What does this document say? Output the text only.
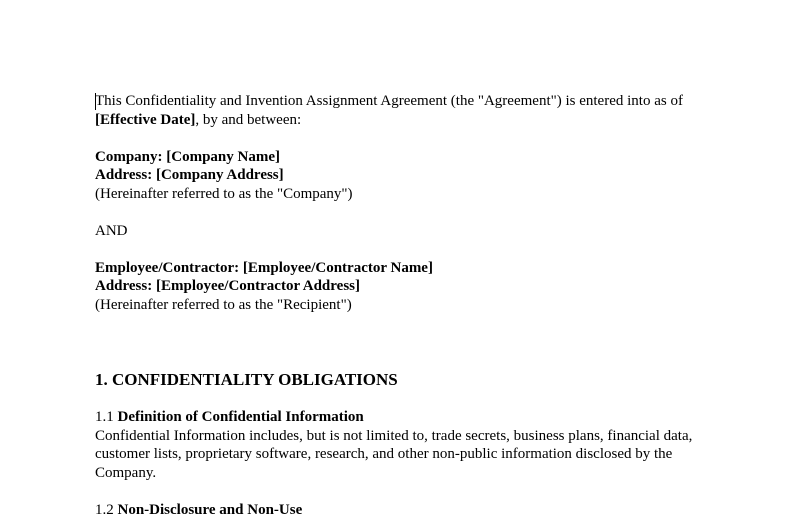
This Confidentiality and Invention Assignment Agreement (the "Agreement") is entered into as of [Effective Date], by and between:

Company: [Company Name]

Address: [Company Address]

(Hereinafter referred to as the "Company")

AND

Employee/Contractor: [Employee/Contractor Name]

Address: [Employee/Contractor Address]

(Hereinafter referred to as the "Recipient")

1. CONFIDENTIALITY OBLIGATIONS

1.1 Definition of Confidential Information

Confidential Information includes, but is not limited to, trade secrets, business plans, financial data, customer lists, proprietary software, research, and other non-public information disclosed by the Company.

1.2 Non-Disclosure and Non-Use
